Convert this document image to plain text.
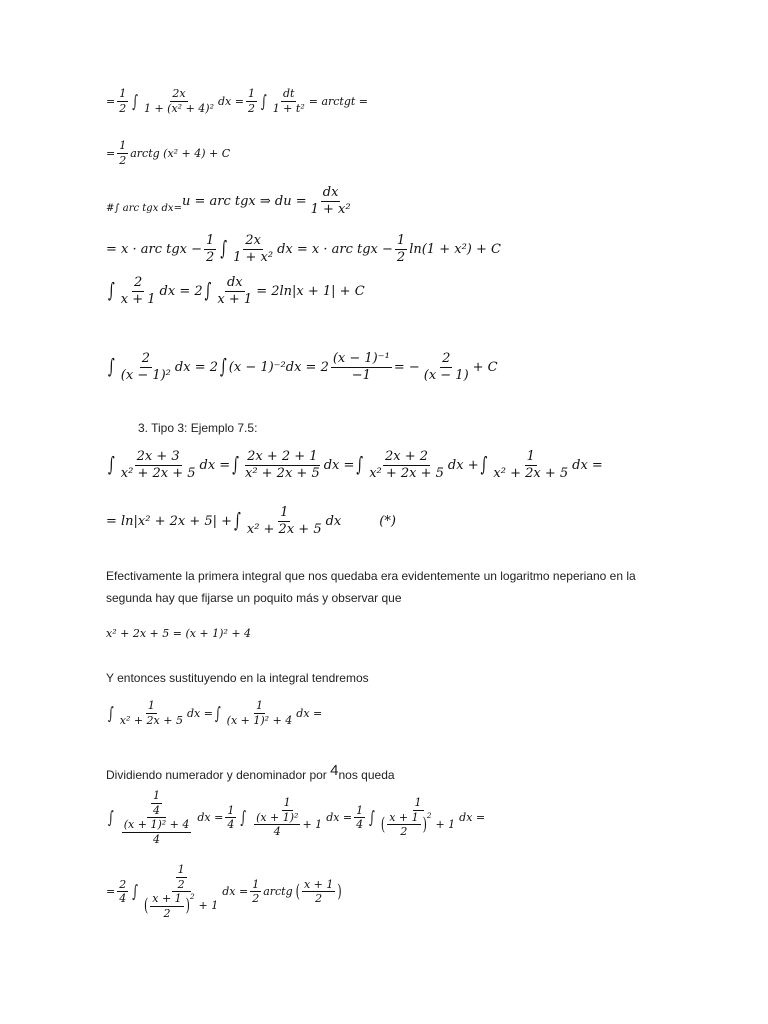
= $\frac{1}{2}$ ∫	2x
1 + (x² + 4)²
dx = $\frac{1}{2}$ ∫ $\frac{dt}{\text{1 + t²}}$ = arctgt =
= $\frac{1}{2}$ arctg (x² + 4) + C
#∫ arc tgx dx= u = arc tgx ⇒ du = $\frac{dx}{\text{1 + x²}}$
= x · arc tgx − $\frac{1}{2}$ ∫ 2x
1 + x²
dx = x · arc tgx − $\frac{1}{2} \ln(1 + x^2) + C$
∫ 2
x + 1
dx = 2 ∫ $\frac{dx}{x + 1} = 2\ln|x + 1| + C$
∫ 2
(x − 1)²
dx = 2 ∫ $(x - 1)^{-2}dx = 2 \frac{\text{(x − 1)⁻¹}}{-1}$ = − $\frac{2}{(x - 1)} + C$
3. Tipo 3: Ejemplo 7.5:
∫ 2x + 3
x² + 2x + 5
dx = ∫ 2x + 2 + 1
x² + 2x + 5
dx = ∫ 2x + 2
x² + 2x + 5
dx + ∫	1
x² + 2x + 5
dx =
= ln|x² + 2x + 5| + ∫	1
x² + 2x + 5
dx	(*)
Efectivamente la primera integral que nos quedaba era evidentemente un logaritmo neperiano en la
segunda hay que fijarse un poquito más y observar que
x² + 2x + 5 = (x + 1)² + 4
Y entonces sustituyendo en la integral tendremos
∫	1
x² + 2x + 5
dx = ∫	1
(x + 1)² + 4
dx =
Dividiendo numerador y denominador por 4nos queda
∫
$\frac{1}{4}$
$\frac{\text{(x + 1)² + 4}}{4}$
dx = $\frac{1}{4}$ ∫
1
(x + 1)²
4
+ 1
dx = $\frac{1}{4}$ ∫
1
( x + 1
2 )$^2$
+ 1
dx =
= $\frac{2}{4}$ ∫
$\frac{1}{2}$
( x + 1
2 )$^2$
+ 1
dx = $\frac{1}{2}$ arctg ( x + 1
2 )
